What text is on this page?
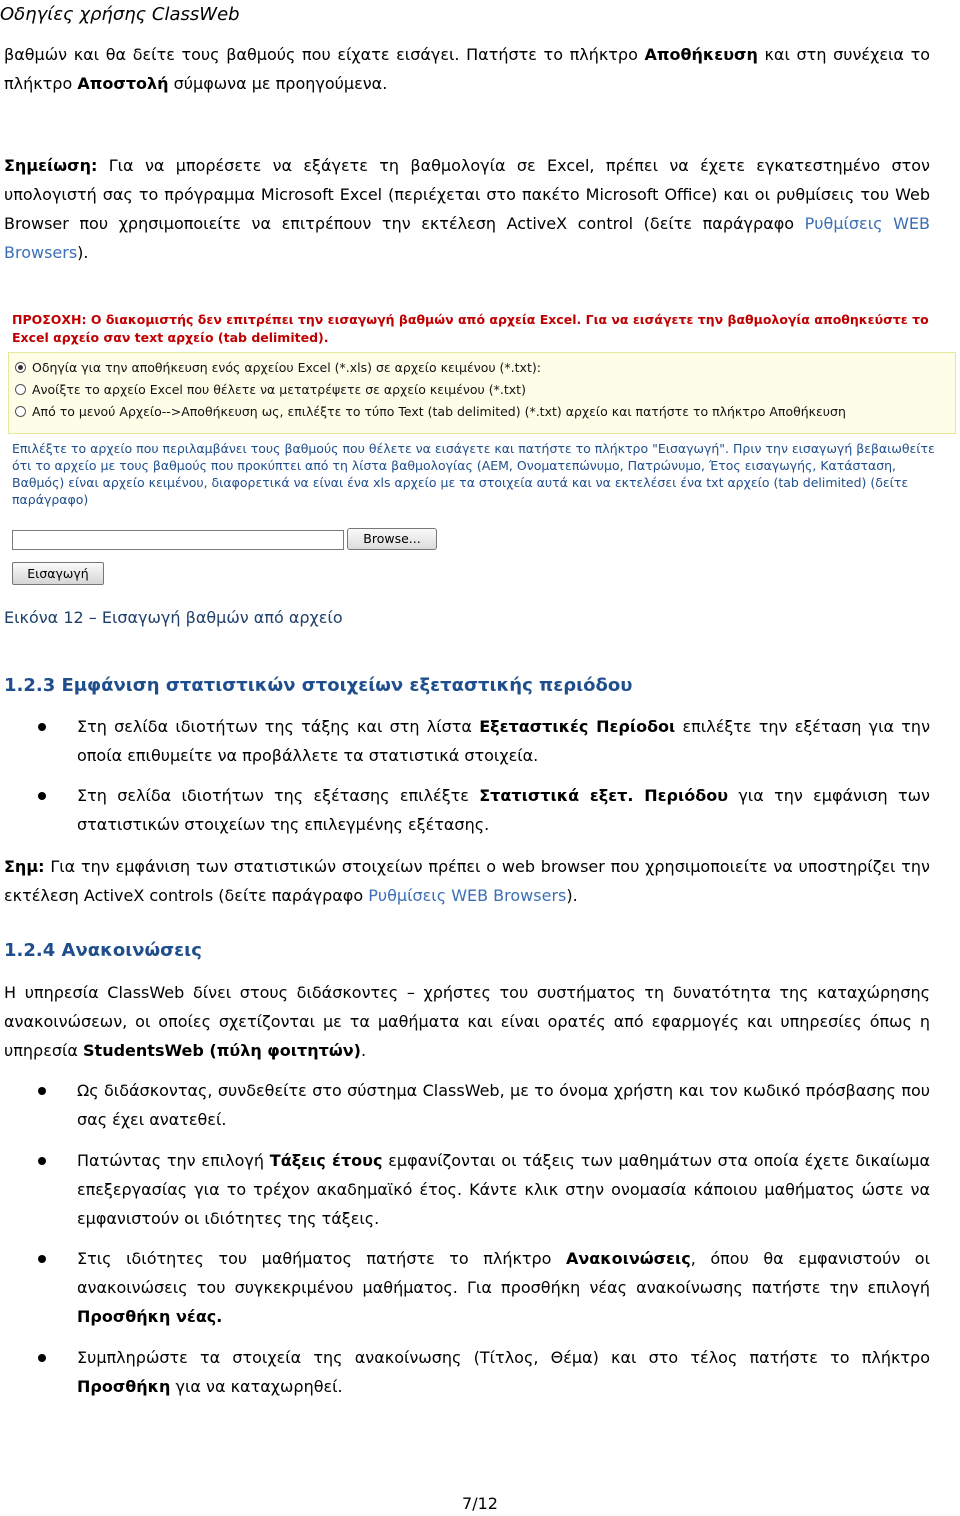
Οδηγίες χρήσης ClassWeb
βαθμών και θα δείτε τους βαθμούς που είχατε εισάγει. Πατήστε το πλήκτρο Αποθήκευση και στη συνέχεια το πλήκτρο Αποστολή σύμφωνα με προηγούμενα.
Σημείωση: Για να μπορέσετε να εξάγετε τη βαθμολογία σε Excel, πρέπει να έχετε εγκατεστημένο στον υπολογιστή σας το πρόγραμμα Microsoft Excel (περιέχεται στο πακέτο Microsoft Office) και οι ρυθμίσεις του Web Browser που χρησιμοποιείτε να επιτρέπουν την εκτέλεση ActiveX control (δείτε παράγραφο Ρυθμίσεις WEB Browsers).
ΠΡΟΣΟΧΗ: Ο διακομιστής δεν επιτρέπει την εισαγωγή βαθμών από αρχεία Excel. Για να εισάγετε την βαθμολογία αποθηκεύστε το Excel αρχείο σαν text αρχείο (tab delimited).
Οδηγία για την αποθήκευση ενός αρχείου Excel (*.xls) σε αρχείο κειμένου (*.txt):
Ανοίξτε το αρχείο Excel που θέλετε να μετατρέψετε σε αρχείο κειμένου (*.txt)
Από το μενού Αρχείο-->Αποθήκευση ως, επιλέξτε το τύπο Text (tab delimited) (*.txt) αρχείο και πατήστε το πλήκτρο Αποθήκευση
Επιλέξτε το αρχείο που περιλαμβάνει τους βαθμούς που θέλετε να εισάγετε και πατήστε το πλήκτρο "Εισαγωγή". Πριν την εισαγωγή βεβαιωθείτε ότι το αρχείο με τους βαθμούς που προκύπτει από τη λίστα βαθμολογίας (ΑΕΜ, Ονοματεπώνυμο, Πατρώνυμο, Έτος εισαγωγής, Κατάσταση, Βαθμός) είναι αρχείο κειμένου, διαφορετικά να είναι ένα xls αρχείο με τα στοιχεία αυτά και να εκτελέσει ένα txt αρχείο (tab delimited) (δείτε παράγραφο)
Browse...
Εισαγωγή
Εικόνα 12 – Εισαγωγή βαθμών από αρχείο
1.2.3 Εμφάνιση στατιστικών στοιχείων εξεταστικής περιόδου
Στη σελίδα ιδιοτήτων της τάξης και στη λίστα Εξεταστικές Περίοδοι επιλέξτε την εξέταση για την οποία επιθυμείτε να προβάλλετε τα στατιστικά στοιχεία.
Στη σελίδα ιδιοτήτων της εξέτασης επιλέξτε Στατιστικά εξετ. Περιόδου για την εμφάνιση των στατιστικών στοιχείων της επιλεγμένης εξέτασης.
Σημ: Για την εμφάνιση των στατιστικών στοιχείων πρέπει ο web browser που χρησιμοποιείτε να υποστηρίζει την εκτέλεση ActiveX controls (δείτε παράγραφο Ρυθμίσεις WEB Browsers).
1.2.4 Ανακοινώσεις
Η υπηρεσία ClassWeb δίνει στους διδάσκοντες – χρήστες του συστήματος τη δυνατότητα της καταχώρησης ανακοινώσεων, οι οποίες σχετίζονται με τα μαθήματα και είναι ορατές από εφαρμογές και υπηρεσίες όπως η υπηρεσία StudentsWeb (πύλη φοιτητών).
Ως διδάσκοντας, συνδεθείτε στο σύστημα ClassWeb, με το όνομα χρήστη και τον κωδικό πρόσβασης που σας έχει ανατεθεί.
Πατώντας την επιλογή Τάξεις έτους εμφανίζονται οι τάξεις των μαθημάτων στα οποία έχετε δικαίωμα επεξεργασίας για το τρέχον ακαδημαϊκό έτος. Κάντε κλικ στην ονομασία κάποιου μαθήματος ώστε να εμφανιστούν οι ιδιότητες της τάξεις.
Στις ιδιότητες του μαθήματος πατήστε το πλήκτρο Ανακοινώσεις, όπου θα εμφανιστούν οι ανακοινώσεις του συγκεκριμένου μαθήματος. Για προσθήκη νέας ανακοίνωσης πατήστε την επιλογή Προσθήκη νέας.
Συμπληρώστε τα στοιχεία της ανακοίνωσης (Τίτλος, Θέμα) και στο τέλος πατήστε το πλήκτρο Προσθήκη για να καταχωρηθεί.
7/12
